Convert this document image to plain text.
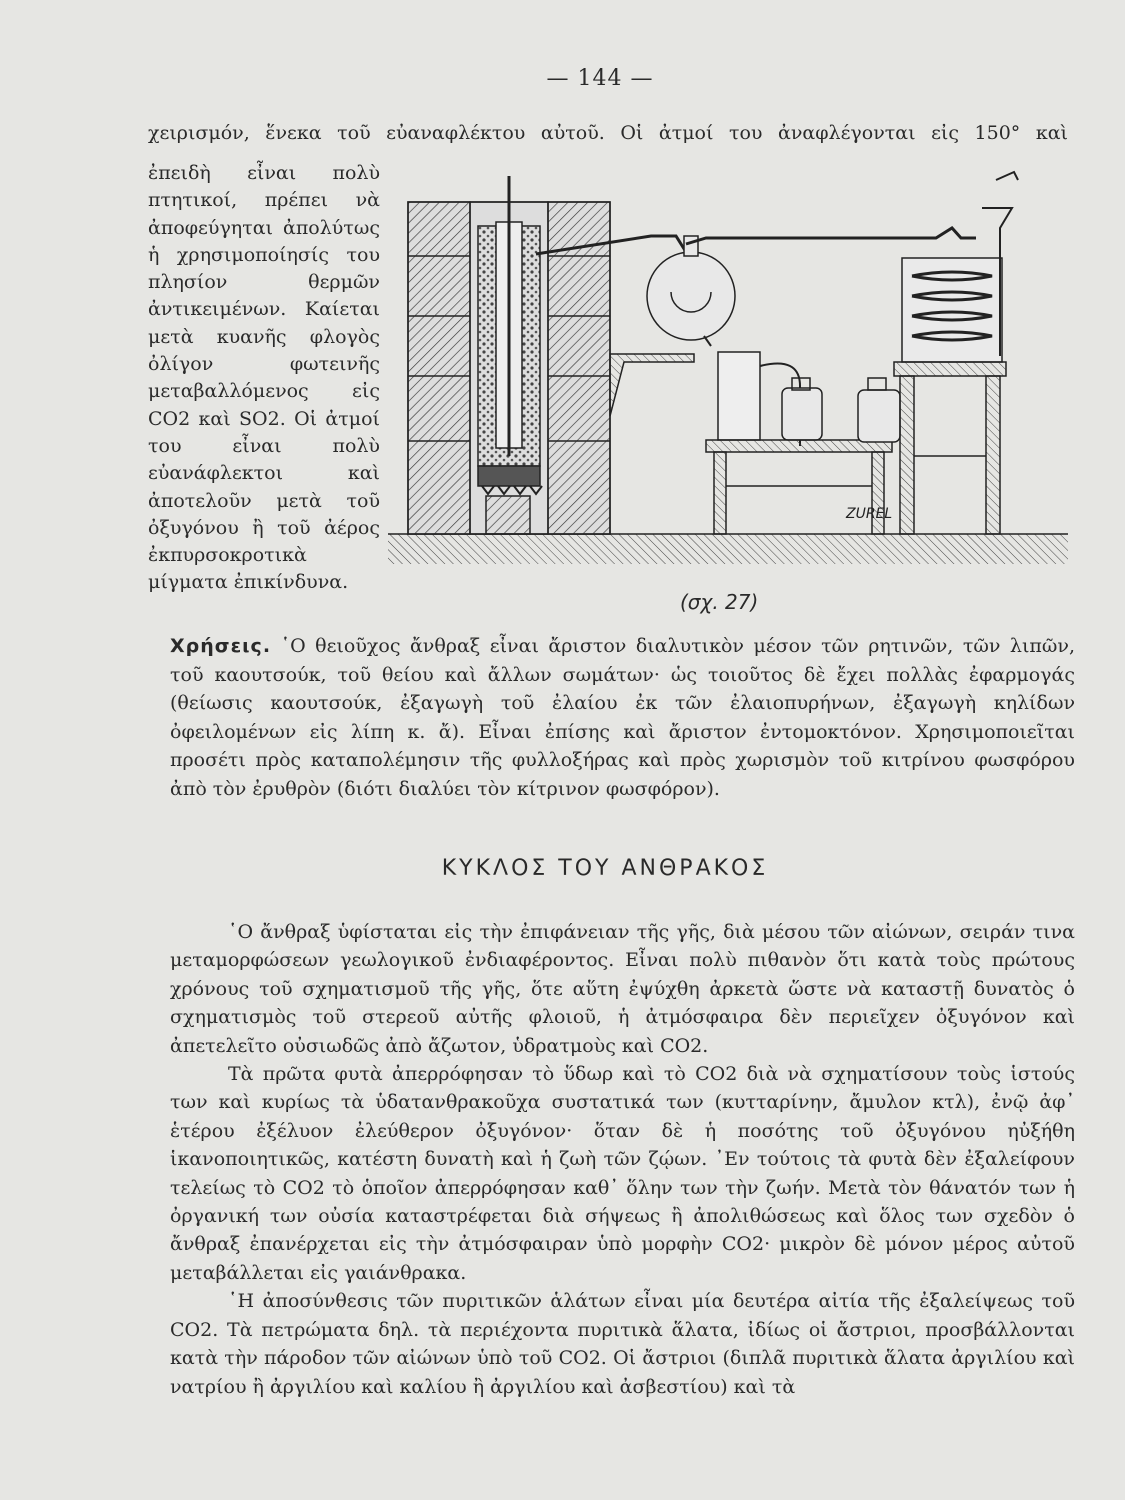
— 144 —
χειρισμόν, ἕνεκα τοῦ εὐαναφλέκτου αὐτοῦ. Οἱ ἀτμοί του ἀναφλέγονται εἰς 150° καὶ
ἐπειδὴ εἶναι πολὺ πτητικοί, πρέπει νὰ ἀποφεύγηται ἀπολύτως ἡ χρησιμοποίησίς του πλησίον θερμῶν ἀντικειμένων. Καίεται μετὰ κυανῆς φλογὸς ὀλίγον φωτεινῆς μεταβαλλόμενος εἰς CO2 καὶ SO2. Οἱ ἀτμοί του εἶναι πολὺ εὐανάφλεκτοι καὶ ἀποτελοῦν μετὰ τοῦ ὀξυγόνου ἢ τοῦ ἀέρος ἐκπυρσοκροτικὰ μίγματα ἐπικίνδυνα.
ZUREL
(σχ. 27)
Χρήσεις. ῾Ο θειοῦχος ἄνθραξ εἶναι ἄριστον διαλυτικὸν μέσον τῶν ρητινῶν, τῶν λιπῶν, τοῦ καουτσούκ, τοῦ θείου καὶ ἄλλων σωμάτων· ὡς τοιοῦτος δὲ ἔχει πολλὰς ἐφαρμογάς (θείωσις καουτσούκ, ἐξαγωγὴ τοῦ ἐλαίου ἐκ τῶν ἐλαιοπυρήνων, ἐξαγωγὴ κηλίδων ὀφειλομένων εἰς λίπη κ. ἄ). Εἶναι ἐπίσης καὶ ἄριστον ἐντομοκτόνον. Χρησιμοποιεῖται προσέτι πρὸς καταπολέμησιν τῆς φυλλοξήρας καὶ πρὸς χωρισμὸν τοῦ κιτρίνου φωσφόρου ἀπὸ τὸν ἐρυθρὸν (διότι διαλύει τὸν κίτρινον φωσφόρον).
ΚΥΚΛΟΣ ΤΟΥ ΑΝΘΡΑΚΟΣ

῾Ο ἄνθραξ ὑφίσταται εἰς τὴν ἐπιφάνειαν τῆς γῆς, διὰ μέσου τῶν αἰώνων, σειράν τινα μεταμορφώσεων γεωλογικοῦ ἐνδιαφέροντος. Εἶναι πολὺ πιθανὸν ὅτι κατὰ τοὺς πρώτους χρόνους τοῦ σχηματισμοῦ τῆς γῆς, ὅτε αὕτη ἐψύχθη ἀρκετὰ ὥστε νὰ καταστῇ δυνατὸς ὁ σχηματισμὸς τοῦ στερεοῦ αὐτῆς φλοιοῦ, ἡ ἀτμόσφαιρα δὲν περιεῖχεν ὀξυγόνον καὶ ἀπετελεῖτο οὐσιωδῶς ἀπὸ ἄζωτον, ὑδρατμοὺς καὶ CO2.

Τὰ πρῶτα φυτὰ ἀπερρόφησαν τὸ ὕδωρ καὶ τὸ CO2 διὰ νὰ σχηματίσουν τοὺς ἱστούς των καὶ κυρίως τὰ ὑδατανθρακοῦχα συστατικά των (κυτταρίνην, ἄμυλον κτλ), ἐνῷ ἀφ᾽ ἑτέρου ἐξέλυον ἐλεύθερον ὀξυγόνον· ὅταν δὲ ἡ ποσότης τοῦ ὀξυγόνου ηὐξήθη ἱκανοποιητικῶς, κατέστη δυνατὴ καὶ ἡ ζωὴ τῶν ζῴων. ᾽Εν τούτοις τὰ φυτὰ δὲν ἐξαλείφουν τελείως τὸ CO2 τὸ ὁποῖον ἀπερρόφησαν καθ᾽ ὅλην των τὴν ζωήν. Μετὰ τὸν θάνατόν των ἡ ὀργανική των οὐσία καταστρέφεται διὰ σήψεως ἢ ἀπολιθώσεως καὶ ὅλος των σχεδὸν ὁ ἄνθραξ ἐπανέρχεται εἰς τὴν ἀτμόσφαιραν ὑπὸ μορφὴν CO2· μικρὸν δὲ μόνον μέρος αὐτοῦ μεταβάλλεται εἰς γαιάνθρακα.

῾Η ἀποσύνθεσις τῶν πυριτικῶν ἁλάτων εἶναι μία δευτέρα αἰτία τῆς ἐξαλείψεως τοῦ CO2. Τὰ πετρώματα δηλ. τὰ περιέχοντα πυριτικὰ ἅλατα, ἰδίως οἱ ἄστριοι, προσβάλλονται κατὰ τὴν πάροδον τῶν αἰώνων ὑπὸ τοῦ CO2. Οἱ ἄστριοι (διπλᾶ πυριτικὰ ἅλατα ἀργιλίου καὶ νατρίου ἢ ἀργιλίου καὶ καλίου ἢ ἀργιλίου καὶ ἀσβεστίου) καὶ τὰ
